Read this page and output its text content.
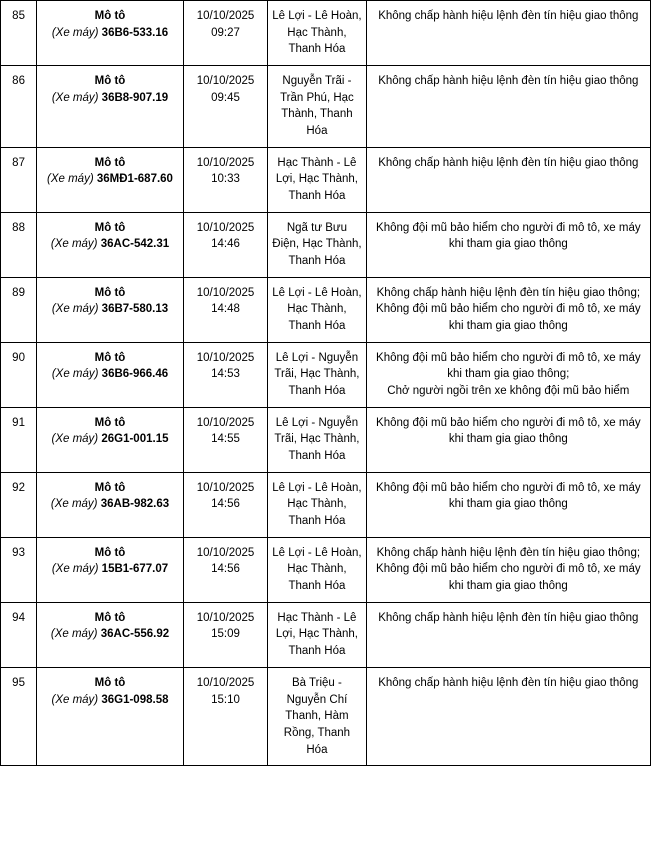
85	Mô tô
(Xe máy) 36B6-533.16	10/10/2025
09:27	Lê Lợi - Lê Hoàn, Hạc Thành, Thanh Hóa	Không chấp hành hiệu lệnh đèn tín hiệu giao thông

86	Mô tô
(Xe máy) 36B8-907.19	10/10/2025
09:45	Nguyễn Trãi - Trần Phú, Hạc Thành, Thanh Hóa	Không chấp hành hiệu lệnh đèn tín hiệu giao thông

87	Mô tô
(Xe máy) 36MĐ1-687.60	10/10/2025
10:33	Hạc Thành - Lê Lợi, Hạc Thành, Thanh Hóa	Không chấp hành hiệu lệnh đèn tín hiệu giao thông

88	Mô tô
(Xe máy) 36AC-542.31	10/10/2025
14:46	Ngã tư Bưu Điện, Hạc Thành, Thanh Hóa	Không đội mũ bảo hiểm cho người đi mô tô, xe máy khi tham gia giao thông

89	Mô tô
(Xe máy) 36B7-580.13	10/10/2025
14:48	Lê Lợi - Lê Hoàn, Hạc Thành, Thanh Hóa	Không chấp hành hiệu lệnh đèn tín hiệu giao thông;
Không đội mũ bảo hiểm cho người đi mô tô, xe máy khi tham gia giao thông

90	Mô tô
(Xe máy) 36B6-966.46	10/10/2025
14:53	Lê Lợi - Nguyễn Trãi, Hạc Thành, Thanh Hóa	Không đội mũ bảo hiểm cho người đi mô tô, xe máy khi tham gia giao thông;
Chở người ngồi trên xe không đội mũ bảo hiểm

91	Mô tô
(Xe máy) 26G1-001.15	10/10/2025
14:55	Lê Lợi - Nguyễn Trãi, Hạc Thành, Thanh Hóa	Không đội mũ bảo hiểm cho người đi mô tô, xe máy khi tham gia giao thông

92	Mô tô
(Xe máy) 36AB-982.63	10/10/2025
14:56	Lê Lợi - Lê Hoàn, Hạc Thành, Thanh Hóa	Không đội mũ bảo hiểm cho người đi mô tô, xe máy khi tham gia giao thông

93	Mô tô
(Xe máy) 15B1-677.07	10/10/2025
14:56	Lê Lợi - Lê Hoàn, Hạc Thành, Thanh Hóa	Không chấp hành hiệu lệnh đèn tín hiệu giao thông;
Không đội mũ bảo hiểm cho người đi mô tô, xe máy khi tham gia giao thông

94	Mô tô
(Xe máy) 36AC-556.92	10/10/2025
15:09	Hạc Thành - Lê Lợi, Hạc Thành, Thanh Hóa	Không chấp hành hiệu lệnh đèn tín hiệu giao thông

95	Mô tô
(Xe máy) 36G1-098.58	10/10/2025
15:10	Bà Triệu - Nguyễn Chí Thanh, Hàm Rồng, Thanh Hóa	Không chấp hành hiệu lệnh đèn tín hiệu giao thông
